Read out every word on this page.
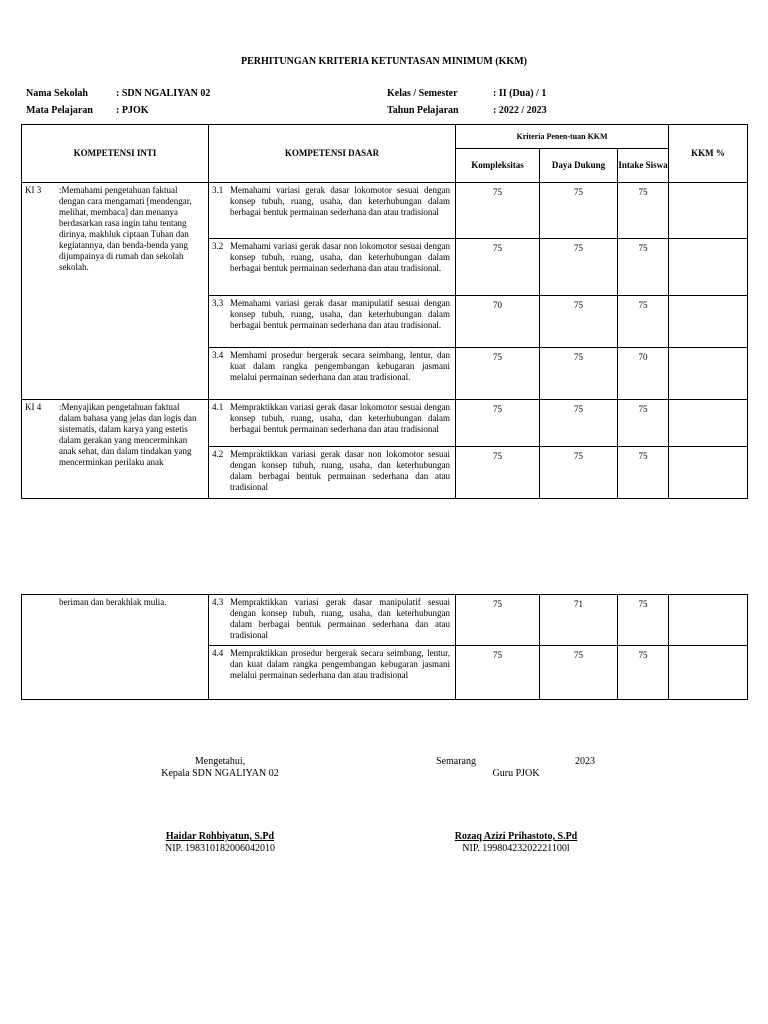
PERHITUNGAN KRITERIA KETUNTASAN MINIMUM (KKM)
Nama Sekolah	: SDN NGALIYAN 02
Mata Pelajaran : PJOK
Kelas / Semester	: II (Dua) / 1
Tahun Pelajaran	: 2022 / 2023
KOMPETENSI INTI	KOMPETENSI DASAR	Kriteria Penen-tuan KKM			KKM %
		Kompleksitas	Daya Dukung	Intake Siswa	
KI 3 :Memahami pengetahuan faktual dengan cara mengamati [mendengar, melihat, membaca] dan menanya berdasarkan rasa ingin tahu tentang dirinya, makhluk ciptaan Tuhan dan kegiatannya, dan benda-benda yang dijumpainya di rumah dan sekolah sekolah.	3.1 Memahami variasi gerak dasar lokomotor sesuai dengan konsep tubuh, ruang, usaha, dan keterhubungan dalam berbagai bentuk permainan sederhana dan atau tradisional	75	75	75	
	3.2 Memahami variasi gerak dasar non lokomotor sesuai dengan konsep tubuh, ruang, usaha, dan keterhubungan dalam berbagai bentuk permainan sederhana dan atau tradisional.	75	75	75	
	3.3 Memahami variasi gerak dasar manipulatif sesuai dengan konsep tubuh, ruang, usaha, dan keterhubungan dalam berbagai bentuk permainan sederhana dan atau tradisional.	70	75	75	
	3.4 Memhami prosedur bergerak secara seimbang, lentur, dan kuat dalam rangka pengembangan kebugaran jasmani melalui permainan sederhana dan atau tradisional.	75	75	70	
KI 4 :Menyajikan pengetahuan faktual dalam bahasa yang jelas dan logis dan sistematis, dalam karya yang estetis dalam gerakan yang mencerminkan anak sehat, dan dalam tindakan yang mencerminkan perilaku anak	4.1 Mempraktikkan variasi gerak dasar lokomotor sesuai dengan konsep tubuh, ruang, usaha, dan keterhubungan dalam berbagai bentuk permainan sederhana dan atau tradisional	75	75	75	
	4.2 Mempraktikkan variasi gerak dasar non lokomotor sesuai dengan konsep tubuh, ruang, usaha, dan keterhubungan dalam berbagai bentuk permainan sederhana dan atau tradisional	75	75	75	
beriman dan berakhlak mulia.	4.3 Mempraktikkan variasi gerak dasar manipulatif sesuai dengan konsep tubuh, ruang, usaha, dan keterhubungan dalam berbagai bentuk permainan sederhana dan atau tradisional	75	71	75	
	4.4 Mempraktikkan prosedur bergerak secara seimbang, lentur, dan kuat dalam rangka pengembangan kebugaran jasmani melalui permainan sederhana dan atau tradisional	75	75	75	
Mengetahui,
Kepala SDN NGALIYAN 02
Haidar Rohbiyatun, S.Pd
NIP. 198310182006042010
Semarang	2023
Guru PJOK
Rozaq Azizi Prihastoto, S.Pd
NIP. 19980423202221100l
